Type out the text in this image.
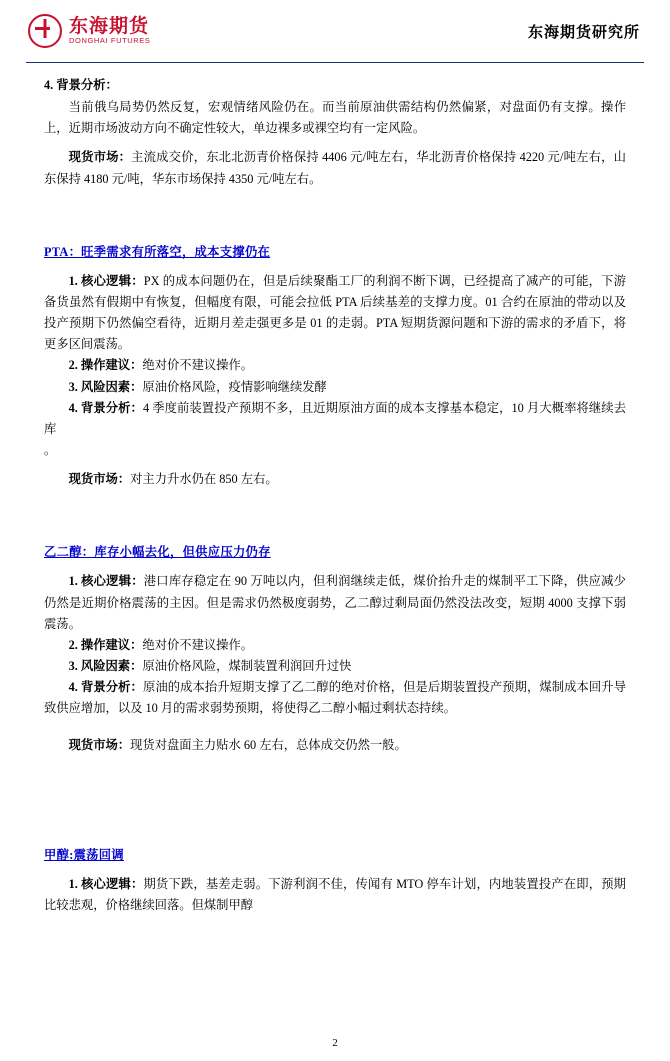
东海期货
DONGHAI FUTURES
东海期货研究所
4. 背景分析：

当前俄乌局势仍然反复，宏观情绪风险仍在。而当前原油供需结构仍然偏紧，对盘面仍有支撑。操作上，近期市场波动方向不确定性较大，单边裸多或裸空均有一定风险。

现货市场：主流成交价，东北北沥青价格保持 4406 元/吨左右，华北沥青价格保持 4220 元/吨左右，山东保持 4180 元/吨，华东市场保持 4350 元/吨左右。

PTA：旺季需求有所落空，成本支撑仍在

1. 核心逻辑：PX 的成本问题仍在，但是后续聚酯工厂的利润不断下调，已经提高了减产的可能，下游备货虽然有假期中有恢复，但幅度有限，可能会拉低 PTA 后续基差的支撑力度。01 合约在原油的带动以及投产预期下仍然偏空看待，近期月差走强更多是 01 的走弱。PTA 短期货源问题和下游的需求的矛盾下，将更多区间震荡。

2. 操作建议：绝对价不建议操作。

3. 风险因素：原油价格风险，疫情影响继续发酵

4. 背景分析：4 季度前装置投产预期不多，且近期原油方面的成本支撑基本稳定，10 月大概率将继续去库

。

现货市场：对主力升水仍在 850 左右。

乙二醇：库存小幅去化，但供应压力仍存

1. 核心逻辑：港口库存稳定在 90 万吨以内，但利润继续走低，煤价抬升走的煤制平工下降，供应减少仍然是近期价格震荡的主因。但是需求仍然极度弱势，乙二醇过剩局面仍然没法改变，短期 4000 支撑下弱震荡。

2. 操作建议：绝对价不建议操作。

3. 风险因素：原油价格风险，煤制装置利润回升过快

4. 背景分析：原油的成本抬升短期支撑了乙二醇的绝对价格，但是后期装置投产预期，煤制成本回升导致供应增加，以及 10 月的需求弱势预期，将使得乙二醇小幅过剩状态持续。

现货市场：现货对盘面主力贴水 60 左右，总体成交仍然一般。

甲醇:震荡回调

1. 核心逻辑：期货下跌，基差走弱。下游利润不佳，传闻有 MTO 停车计划，内地装置投产在即，预期比较悲观，价格继续回落。但煤制甲醇

2
